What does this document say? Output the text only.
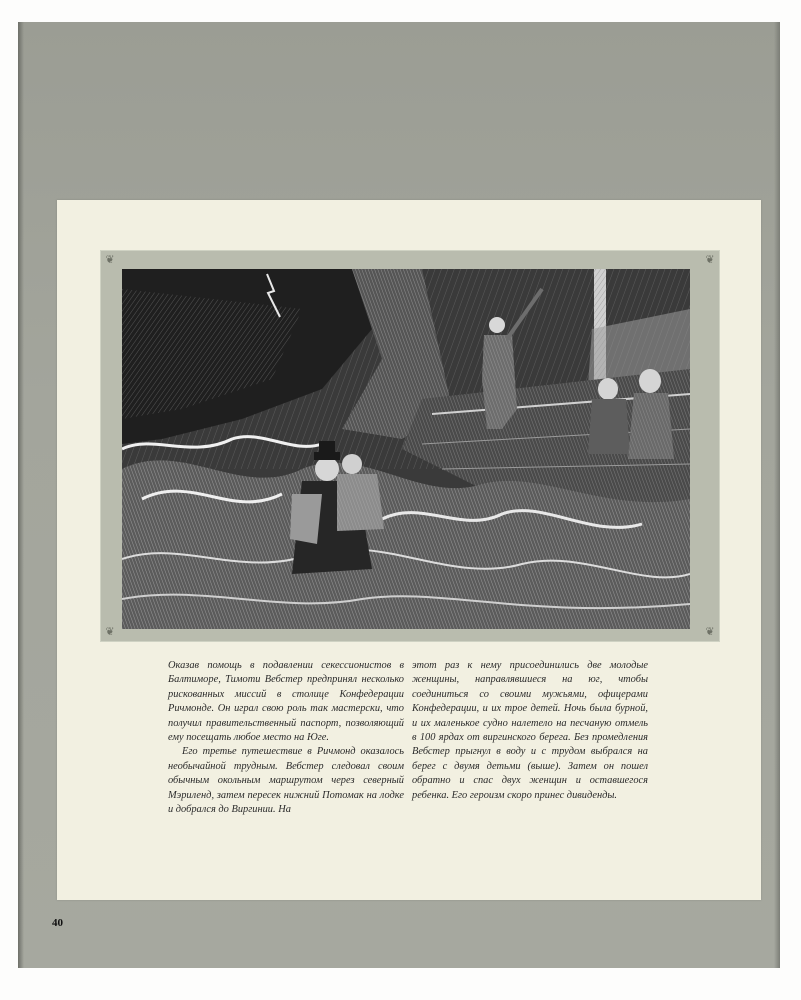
❦	❦
❦	❦

Оказав помощь в подавлении секессионистов в Балтиморе, Тимоти Вебстер предпринял несколько рискованных миссий в столице Конфедерации Ричмонде. Он играл свою роль так мастерски, что получил правительственный паспорт, позволяющий ему посещать любое место на Юге.

Его третье путешествие в Ричмонд оказалось необычайной трудным. Вебстер следовал своим обычным окольным маршрутом через северный Мэриленд, затем пересек нижний Потомак на лодке и добрался до Виргинии. На

этот раз к нему присоединились две молодые женщины, направлявшиеся на юг, чтобы соединиться со своими мужьями, офицерами Конфедерации, и их трое детей. Ночь была бурной, и их маленькое судно налетело на песчаную отмель в 100 ярдах от виргинского берега. Без промедления Вебстер прыгнул в воду и с трудом выбрался на берег с двумя детьми (выше). Затем он пошел обратно и спас двух женщин и оставшегося ребенка. Его героизм скоро принес дивиденды.

40
